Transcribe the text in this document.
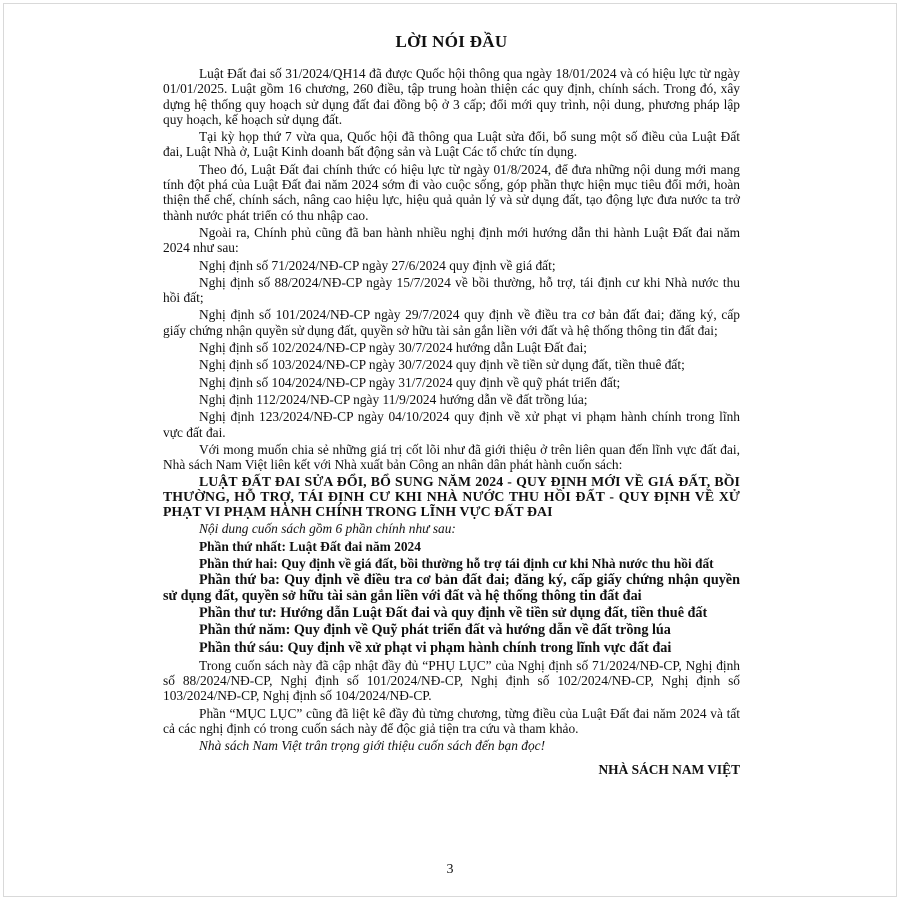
LỜI NÓI ĐẦU

Luật Đất đai số 31/2024/QH14 đã được Quốc hội thông qua ngày 18/01/2024 và có hiệu lực từ ngày 01/01/2025. Luật gồm 16 chương, 260 điều, tập trung hoàn thiện các quy định, chính sách. Trong đó, xây dựng hệ thống quy hoạch sử dụng đất đai đồng bộ ở 3 cấp; đổi mới quy trình, nội dung, phương pháp lập quy hoạch, kế hoạch sử dụng đất.

Tại kỳ họp thứ 7 vừa qua, Quốc hội đã thông qua Luật sửa đổi, bổ sung một số điều của Luật Đất đai, Luật Nhà ở, Luật Kinh doanh bất động sản và Luật Các tổ chức tín dụng.

Theo đó, Luật Đất đai chính thức có hiệu lực từ ngày 01/8/2024, để đưa những nội dung mới mang tính đột phá của Luật Đất đai năm 2024 sớm đi vào cuộc sống, góp phần thực hiện mục tiêu đổi mới, hoàn thiện thể chế, chính sách, nâng cao hiệu lực, hiệu quả quản lý và sử dụng đất, tạo động lực đưa nước ta trở thành nước phát triển có thu nhập cao.

Ngoài ra, Chính phủ cũng đã ban hành nhiều nghị định mới hướng dẫn thi hành Luật Đất đai năm 2024 như sau:

Nghị định số 71/2024/NĐ-CP ngày 27/6/2024 quy định về giá đất;

Nghị định số 88/2024/NĐ-CP ngày 15/7/2024 về bồi thường, hỗ trợ, tái định cư khi Nhà nước thu hồi đất;

Nghị định số 101/2024/NĐ-CP ngày 29/7/2024 quy định về điều tra cơ bản đất đai; đăng ký, cấp giấy chứng nhận quyền sử dụng đất, quyền sở hữu tài sản gắn liền với đất và hệ thống thông tin đất đai;

Nghị định số 102/2024/NĐ-CP ngày 30/7/2024 hướng dẫn Luật Đất đai;

Nghị định số 103/2024/NĐ-CP ngày 30/7/2024 quy định về tiền sử dụng đất, tiền thuê đất;

Nghị định số 104/2024/NĐ-CP ngày 31/7/2024 quy định về quỹ phát triển đất;

Nghị định 112/2024/NĐ-CP ngày 11/9/2024 hướng dẫn về đất trồng lúa;

Nghị định 123/2024/NĐ-CP ngày 04/10/2024 quy định về xử phạt vi phạm hành chính trong lĩnh vực đất đai.

Với mong muốn chia sẻ những giá trị cốt lõi như đã giới thiệu ở trên liên quan đến lĩnh vực đất đai, Nhà sách Nam Việt liên kết với Nhà xuất bản Công an nhân dân phát hành cuốn sách:

LUẬT ĐẤT ĐAI SỬA ĐỔI, BỔ SUNG NĂM 2024 - QUY ĐỊNH MỚI VỀ GIÁ ĐẤT, BỒI THƯỜNG, HỖ TRỢ, TÁI ĐỊNH CƯ KHI NHÀ NƯỚC THU HỒI ĐẤT - QUY ĐỊNH VỀ XỬ PHẠT VI PHẠM HÀNH CHÍNH TRONG LĨNH VỰC ĐẤT ĐAI

Nội dung cuốn sách gồm 6 phần chính như sau:

Phần thứ nhất: Luật Đất đai năm 2024

Phần thứ hai: Quy định về giá đất, bồi thường hỗ trợ tái định cư khi Nhà nước thu hồi đất

Phần thứ ba: Quy định về điều tra cơ bản đất đai; đăng ký, cấp giấy chứng nhận quyền sử dụng đất, quyền sở hữu tài sản gắn liền với đất và hệ thống thông tin đất đai

Phần thư tư: Hướng dẫn Luật Đất đai và quy định về tiền sử dụng đất, tiền thuê đất

Phần thứ năm: Quy định về Quỹ phát triển đất và hướng dẫn về đất trồng lúa

Phần thứ sáu: Quy định về xử phạt vi phạm hành chính trong lĩnh vực đất đai

Trong cuốn sách này đã cập nhật đầy đủ “PHỤ LỤC” của Nghị định số 71/2024/NĐ-CP, Nghị định số 88/2024/NĐ-CP, Nghị định số 101/2024/NĐ-CP, Nghị định số 102/2024/NĐ-CP, Nghị định số 103/2024/NĐ-CP, Nghị định số 104/2024/NĐ-CP.

Phần “MỤC LỤC” cũng đã liệt kê đầy đủ từng chương, từng điều của Luật Đất đai năm 2024 và tất cả các nghị định có trong cuốn sách này để độc giả tiện tra cứu và tham khảo.

Nhà sách Nam Việt trân trọng giới thiệu cuốn sách đến bạn đọc!

NHÀ SÁCH NAM VIỆT

3
